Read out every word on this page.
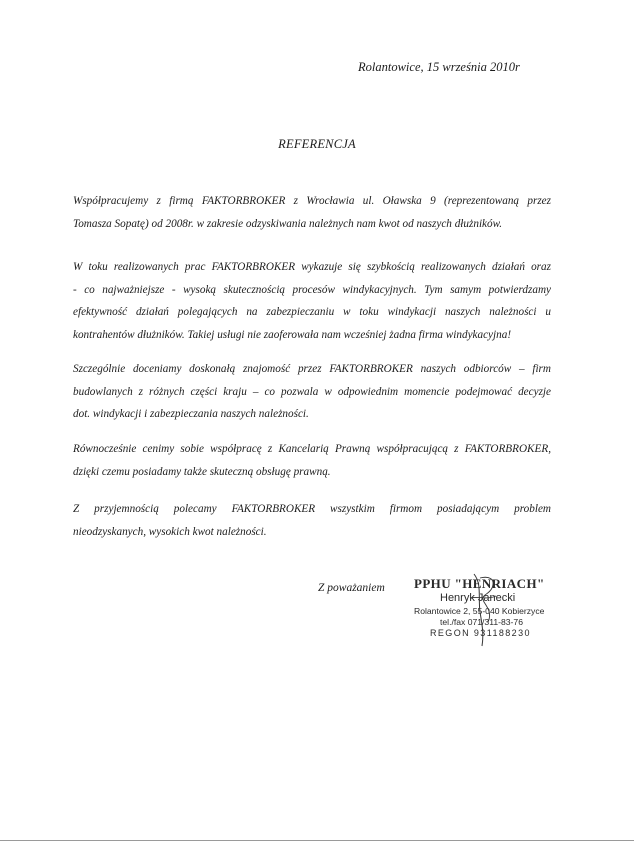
Rolantowice, 15 września 2010r
REFERENCJA

Współpracujemy z firmą FAKTORBROKER z Wrocławia ul. Oławska 9 (reprezentowaną przez
Tomasza Sopatę) od 2008r. w zakresie odzyskiwania należnych nam kwot od naszych dłużników.

W toku realizowanych prac FAKTORBROKER wykazuje się szybkością realizowanych działań oraz
- co najważniejsze - wysoką skutecznością procesów windykacyjnych. Tym samym potwierdzamy
efektywność działań polegających na zabezpieczaniu w toku windykacji naszych należności u
kontrahentów dłużników. Takiej usługi nie zaoferowała nam wcześniej żadna firma windykacyjna!

Szczególnie doceniamy doskonałą znajomość przez FAKTORBROKER naszych odbiorców – firm
budowlanych z różnych części kraju – co pozwala w odpowiednim momencie podejmować decyzje
dot. windykacji i zabezpieczania naszych należności.

Równocześnie cenimy sobie współpracę z Kancelarią Prawną współpracującą z FAKTORBROKER,
dzięki czemu posiadamy także skuteczną obsługę prawną.

Z przyjemnością polecamy FAKTORBROKER wszystkim firmom posiadającym problem
nieodzyskanych, wysokich kwot należności.

Z poważaniem PPHU "HENRIACH"
Henryk Janecki
Rolantowice 2, 55-040 Kobierzyce
tel./fax 071/311-83-76
REGON 931188230
